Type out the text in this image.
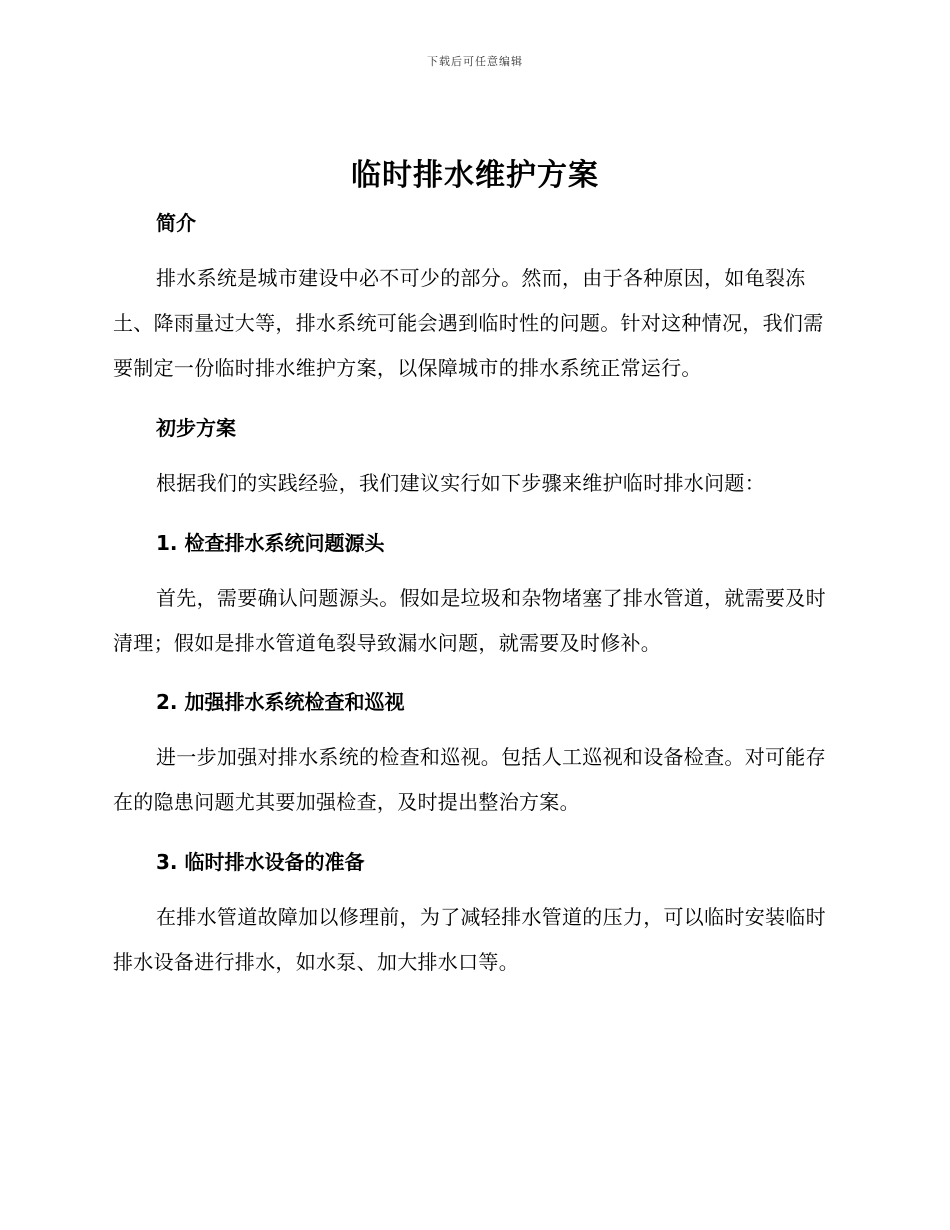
下载后可任意编辑
临时排水维护方案
简介
排水系统是城市建设中必不可少的部分。然而，由于各种原因，如龟裂冻土、降雨量过大等，排水系统可能会遇到临时性的问题。针对这种情况，我们需要制定一份临时排水维护方案，以保障城市的排水系统正常运行。
初步方案
根据我们的实践经验，我们建议实行如下步骤来维护临时排水问题：
1. 检查排水系统问题源头
首先，需要确认问题源头。假如是垃圾和杂物堵塞了排水管道，就需要及时清理；假如是排水管道龟裂导致漏水问题，就需要及时修补。
2. 加强排水系统检查和巡视
进一步加强对排水系统的检查和巡视。包括人工巡视和设备检查。对可能存在的隐患问题尤其要加强检查，及时提出整治方案。
3. 临时排水设备的准备
在排水管道故障加以修理前，为了减轻排水管道的压力，可以临时安装临时排水设备进行排水，如水泵、加大排水口等。
